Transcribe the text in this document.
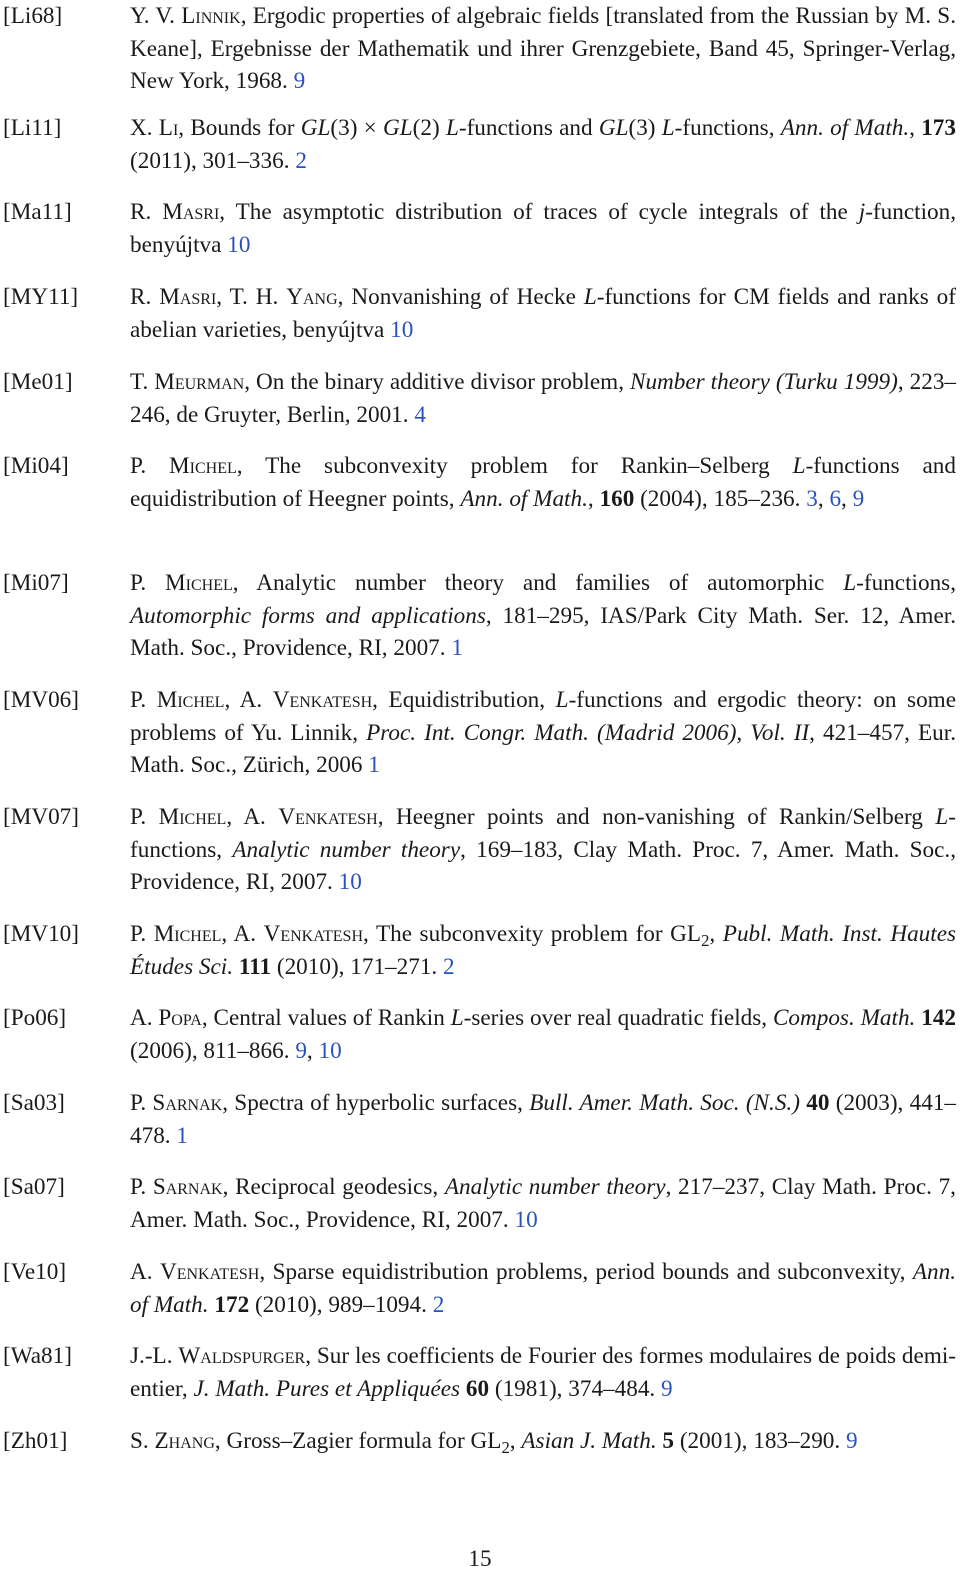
[Li68]	Y. V. Linnik, Ergodic properties of algebraic fields [translated from the Russian by M. S. Keane], Ergebnisse der Mathematik und ihrer Grenzgebiete, Band 45, Springer-Verlag, New York, 1968. 9
[Li11]	X. Li, Bounds for GL(3) × GL(2) L-functions and GL(3) L-functions, Ann. of Math., 173 (2011), 301–336. 2
[Ma11]	R. Masri, The asymptotic distribution of traces of cycle integrals of the j-function, benyújtva 10
[MY11] R. Masri, T. H. Yang, Nonvanishing of Hecke L-functions for CM fields and ranks of abelian varieties, benyújtva 10
[Me01] T. Meurman, On the binary additive divisor problem, Number theory (Turku 1999), 223–246, de Gruyter, Berlin, 2001. 4
[Mi04]	P. Michel, The subconvexity problem for Rankin–Selberg L-functions and equidistribution of Heegner points, Ann. of Math., 160 (2004), 185–236. 3, 6, 9
[Mi07]	P. Michel, Analytic number theory and families of automorphic L-functions, Automorphic forms and applications, 181–295, IAS/Park City Math. Ser. 12, Amer. Math. Soc., Providence, RI, 2007. 1
[MV06] P. Michel, A. Venkatesh, Equidistribution, L-functions and ergodic theory: on some problems of Yu. Linnik, Proc. Int. Congr. Math. (Madrid 2006), Vol. II, 421–457, Eur. Math. Soc., Zürich, 2006 1
[MV07] P. Michel, A. Venkatesh, Heegner points and non-vanishing of Rankin/Selberg L-functions, Analytic number theory, 169–183, Clay Math. Proc. 7, Amer. Math. Soc., Providence, RI, 2007. 10
[MV10] P. Michel, A. Venkatesh, The subconvexity problem for $GL_2$, Publ. Math. Inst. Hautes Études Sci. 111 (2010), 171–271. 2
[Po06]	A. Popa, Central values of Rankin L-series over real quadratic fields, Compos. Math. 142 (2006), 811–866. 9, 10
[Sa03]	P. Sarnak, Spectra of hyperbolic surfaces, Bull. Amer. Math. Soc. (N.S.) 40 (2003), 441–478. 1
[Sa07]	P. Sarnak, Reciprocal geodesics, Analytic number theory, 217–237, Clay Math. Proc. 7, Amer. Math. Soc., Providence, RI, 2007. 10
[Ve10]	A. Venkatesh, Sparse equidistribution problems, period bounds and subconvexity, Ann. of Math. 172 (2010), 989–1094. 2
[Wa81]	J.-L. Waldspurger, Sur les coefficients de Fourier des formes modulaires de poids demi-entier, J. Math. Pures et Appliquées 60 (1981), 374–484. 9
[Zh01]	S. Zhang, Gross–Zagier formula for $GL_2$, Asian J. Math. 5 (2001), 183–290. 9
15
